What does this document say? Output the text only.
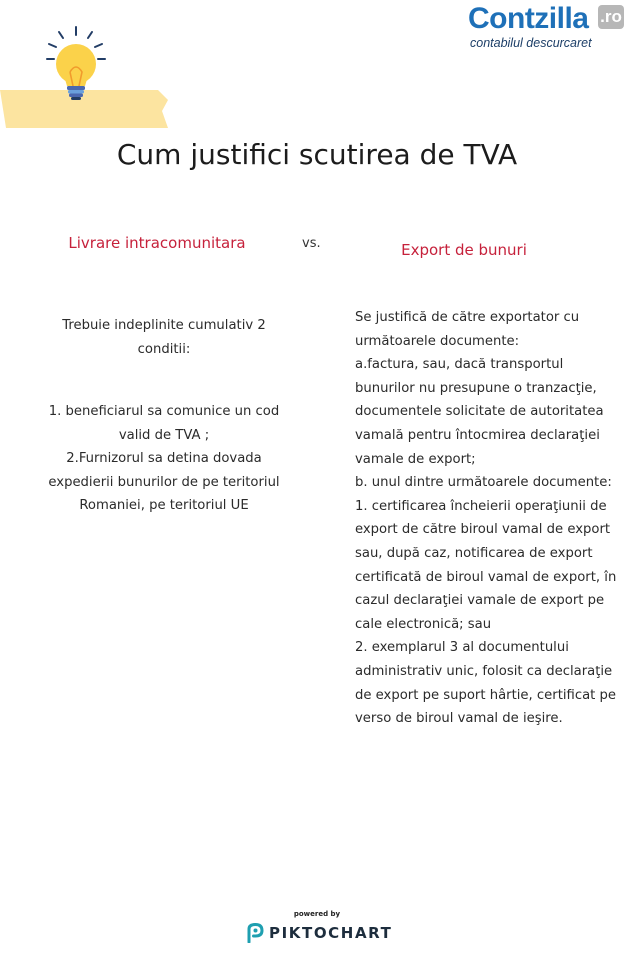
Contzilla .ro
contabilul descurcaret
Cum justifici scutirea de TVA
Livrare intracomunitara	vs.	Export de bunuri
Trebuie indeplinite cumulativ 2 conditii:

1. beneficiarul sa comunice un cod valid de TVA ;

2.Furnizorul sa detina dovada expedierii bunurilor de pe teritoriul Romaniei, pe teritoriul UE

Se justifică de către exportator cu următoarele documente:

a.factura, sau, dacă transportul bunurilor nu presupune o tranzacţie, documentele solicitate de autoritatea vamală pentru întocmirea declaraţiei vamale de export;

b. unul dintre următoarele documente:

1. certificarea încheierii operaţiunii de export de către biroul vamal de export sau, după caz, notificarea de export certificată de biroul vamal de export, în cazul declaraţiei vamale de export pe cale electronică; sau

2. exemplarul 3 al documentului administrativ unic, folosit ca declaraţie de export pe suport hârtie, certificat pe verso de biroul vamal de ieşire.

powered by
PIKTOCHART
